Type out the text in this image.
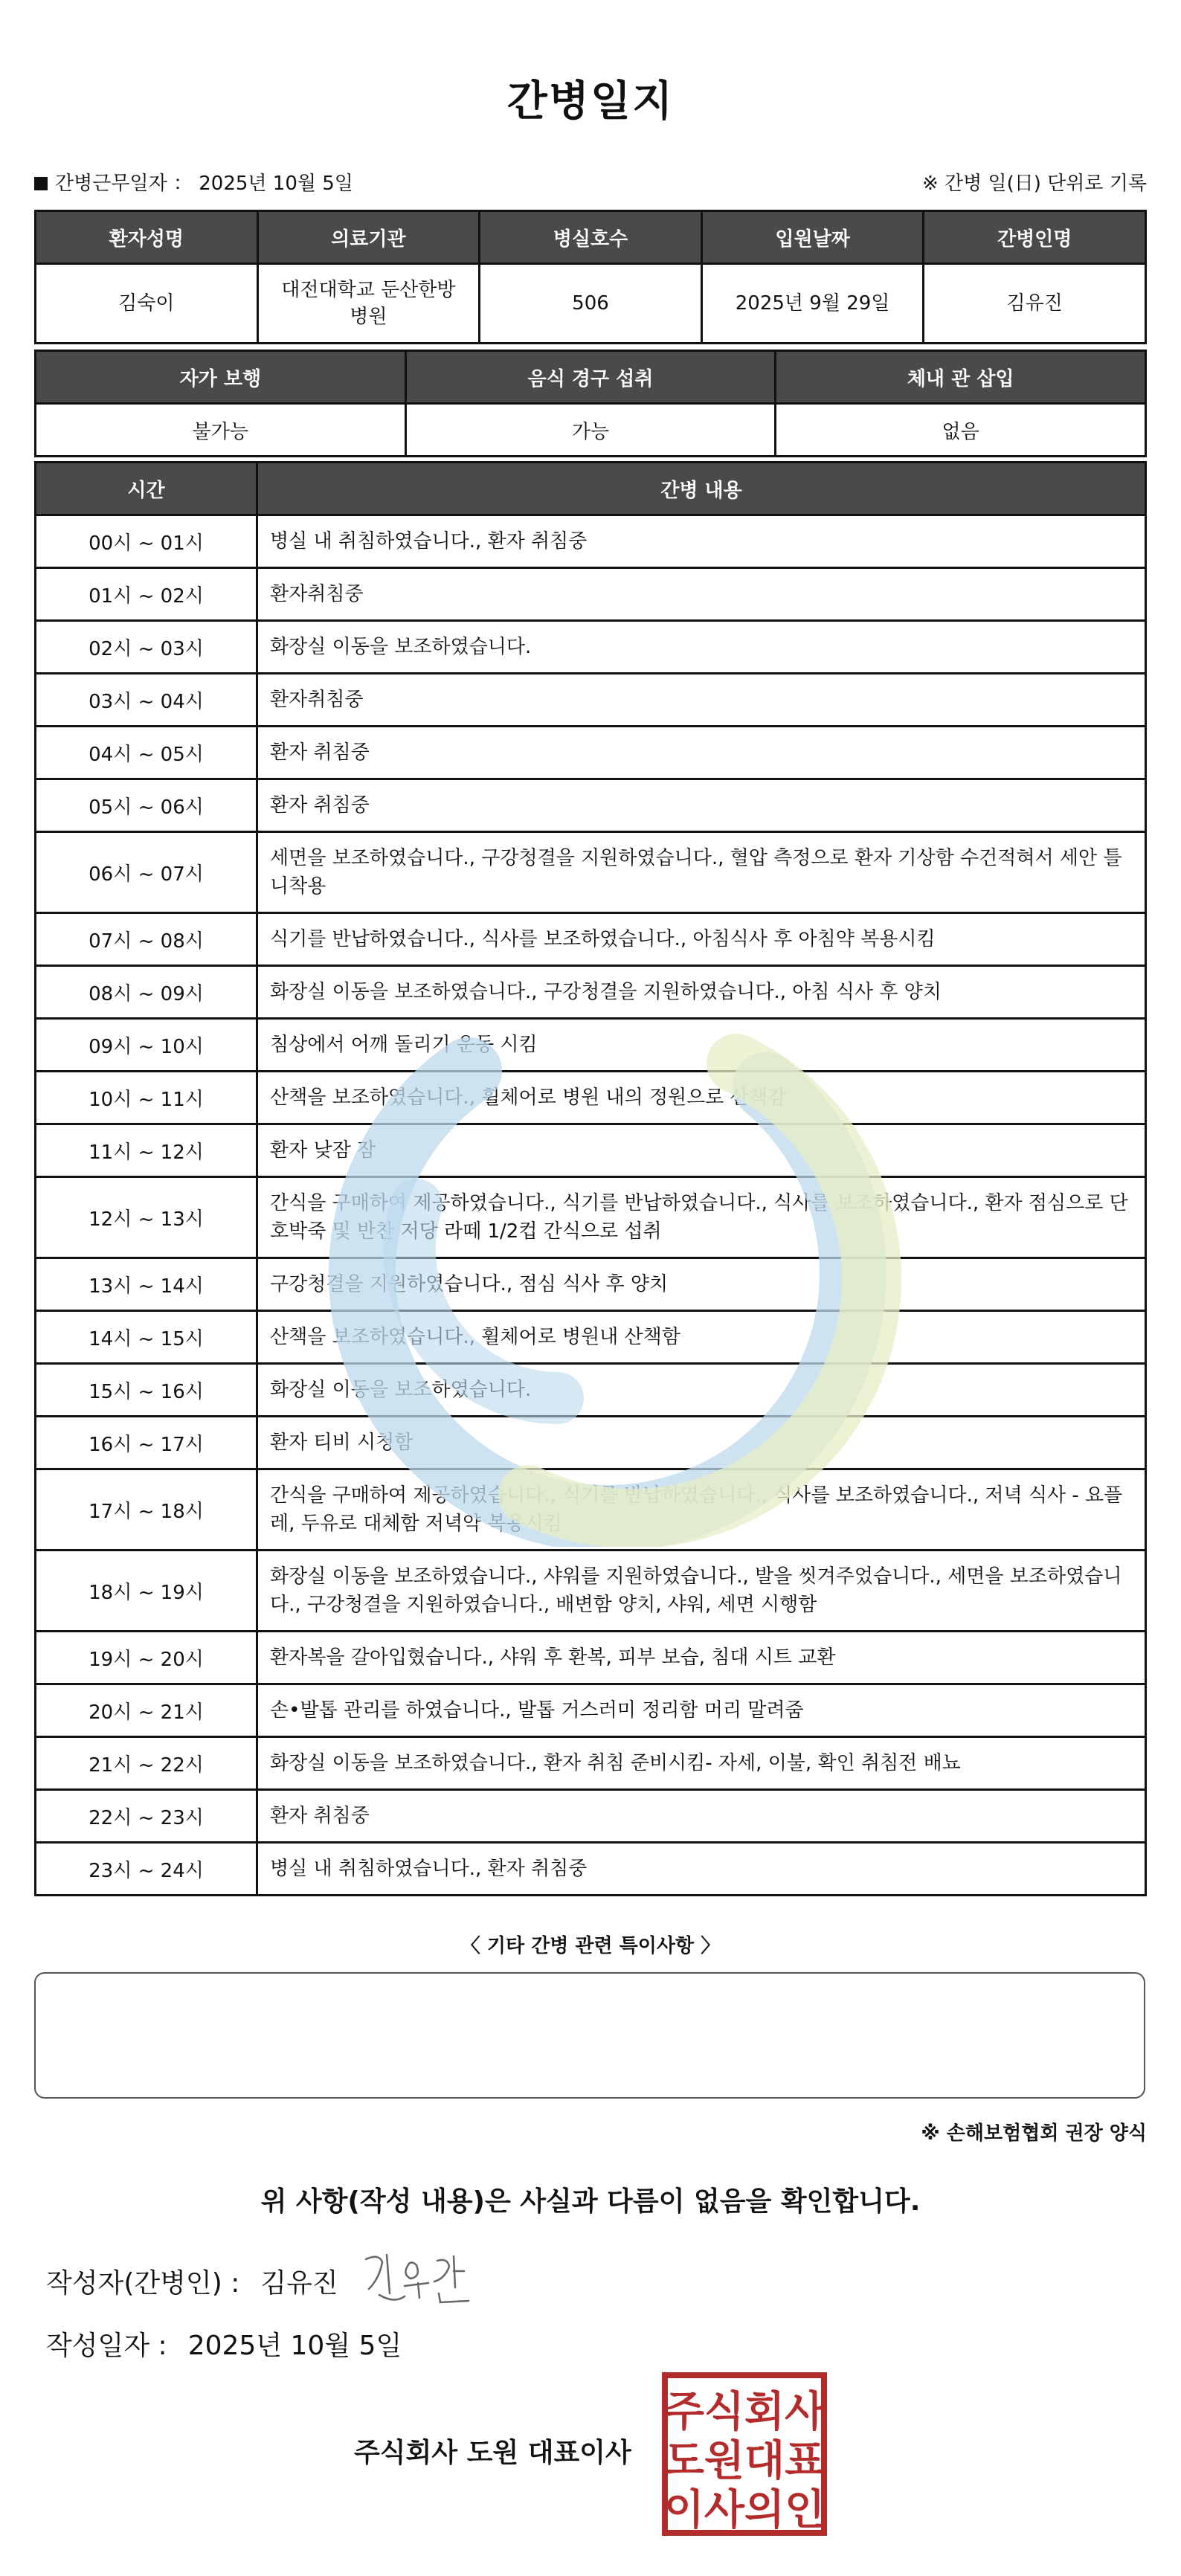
간병일지
간병근무일자 ： 2025년 10월 5일	※ 간병 일(日) 단위로 기록
환자성명	의료기관	병실호수	입원날짜	간병인명
김숙이	대전대학교 둔산한방병원	506	2025년 9월 29일	김유진
자가 보행	음식 경구 섭취	체내 관 삽입
불가능	가능	없음
시간	간병 내용
00시 ~ 01시	병실 내 취침하였습니다., 환자 취침중
01시 ~ 02시	환자취침중
02시 ~ 03시	화장실 이동을 보조하였습니다.
03시 ~ 04시	환자취침중
04시 ~ 05시	환자 취침중
05시 ~ 06시	환자 취침중
06시 ~ 07시	세면을 보조하였습니다., 구강청결을 지원하였습니다., 혈압 측정으로 환자 기상함 수건적혀서 세안 틀니착용
07시 ~ 08시	식기를 반납하였습니다., 식사를 보조하였습니다., 아침식사 후 아침약 복용시킴
08시 ~ 09시	화장실 이동을 보조하였습니다., 구강청결을 지원하였습니다., 아침 식사 후 양치
09시 ~ 10시	침상에서 어깨 돌리기 운동 시킴
10시 ~ 11시	산책을 보조하였습니다., 휠체어로 병원 내의 정원으로 산책감
11시 ~ 12시	환자 낮잠 잠
12시 ~ 13시	간식을 구매하여 제공하였습니다., 식기를 반납하였습니다., 식사를 보조하였습니다., 환자 점심으로 단호박죽 및 반찬 저당 라떼 1/2컵 간식으로 섭취
13시 ~ 14시	구강청결을 지원하였습니다., 점심 식사 후 양치
14시 ~ 15시	산책을 보조하였습니다., 휠체어로 병원내 산책함
15시 ~ 16시	화장실 이동을 보조하였습니다.
16시 ~ 17시	환자 티비 시청함
17시 ~ 18시	간식을 구매하여 제공하였습니다., 식기를 반납하였습니다., 식사를 보조하였습니다., 저녁 식사 - 요플레, 두유로 대체함 저녁약 복용시킴
18시 ~ 19시	화장실 이동을 보조하였습니다., 샤워를 지원하였습니다., 발을 씻겨주었습니다., 세면을 보조하였습니다., 구강청결을 지원하였습니다., 배변함 양치, 샤워, 세면 시행함
19시 ~ 20시	환자복을 갈아입혔습니다., 샤워 후 환복, 피부 보습, 침대 시트 교환
20시 ~ 21시	손•발톱 관리를 하였습니다., 발톱 거스러미 정리함 머리 말려줌
21시 ~ 22시	화장실 이동을 보조하였습니다., 환자 취침 준비시킴- 자세, 이불, 확인 취침전 배뇨
22시 ~ 23시	환자 취침중
23시 ~ 24시	병실 내 취침하였습니다., 환자 취침중
〈 기타 간병 관련 특이사항 〉
※ 손해보험협회 권장 양식
위 사항(작성 내용)은 사실과 다름이 없음을 확인합니다.
작성자(간병인) : 김유진
작성일자 : 2025년 10월 5일
주식회사 도원 대표이사
주식회사
도원대표
이사의인
